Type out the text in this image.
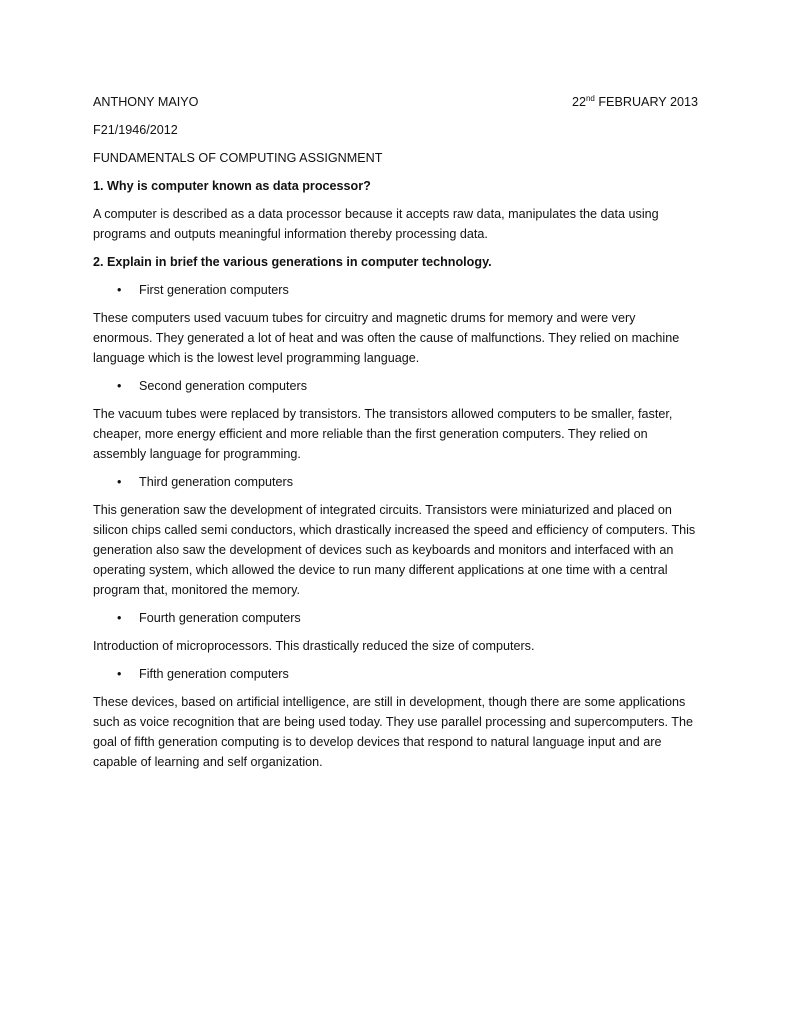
ANTHONY MAIYO	22nd FEBRUARY 2013
F21/1946/2012
FUNDAMENTALS OF COMPUTING ASSIGNMENT
1. Why is computer known as data processor?
A computer is described as a data processor because it accepts raw data, manipulates the data using programs and outputs meaningful information thereby processing data.
2. Explain in brief the various generations in computer technology.
• First generation computers
These computers used vacuum tubes for circuitry and magnetic drums for memory and were very enormous. They generated a lot of heat and was often the cause of malfunctions. They relied on machine language which is the lowest level programming language.
• Second generation computers
The vacuum tubes were replaced by transistors. The transistors allowed computers to be smaller, faster, cheaper, more energy efficient and more reliable than the first generation computers. They relied on assembly language for programming.
• Third generation computers
This generation saw the development of integrated circuits. Transistors were miniaturized and placed on silicon chips called semi conductors, which drastically increased the speed and efficiency of computers. This generation also saw the development of devices such as keyboards and monitors and interfaced with an operating system, which allowed the device to run many different applications at one time with a central program that, monitored the memory.
• Fourth generation computers
Introduction of microprocessors. This drastically reduced the size of computers.
• Fifth generation computers
These devices, based on artificial intelligence, are still in development, though there are some applications such as voice recognition that are being used today. They use parallel processing and supercomputers. The goal of fifth generation computing is to develop devices that respond to natural language input and are capable of learning and self organization.
